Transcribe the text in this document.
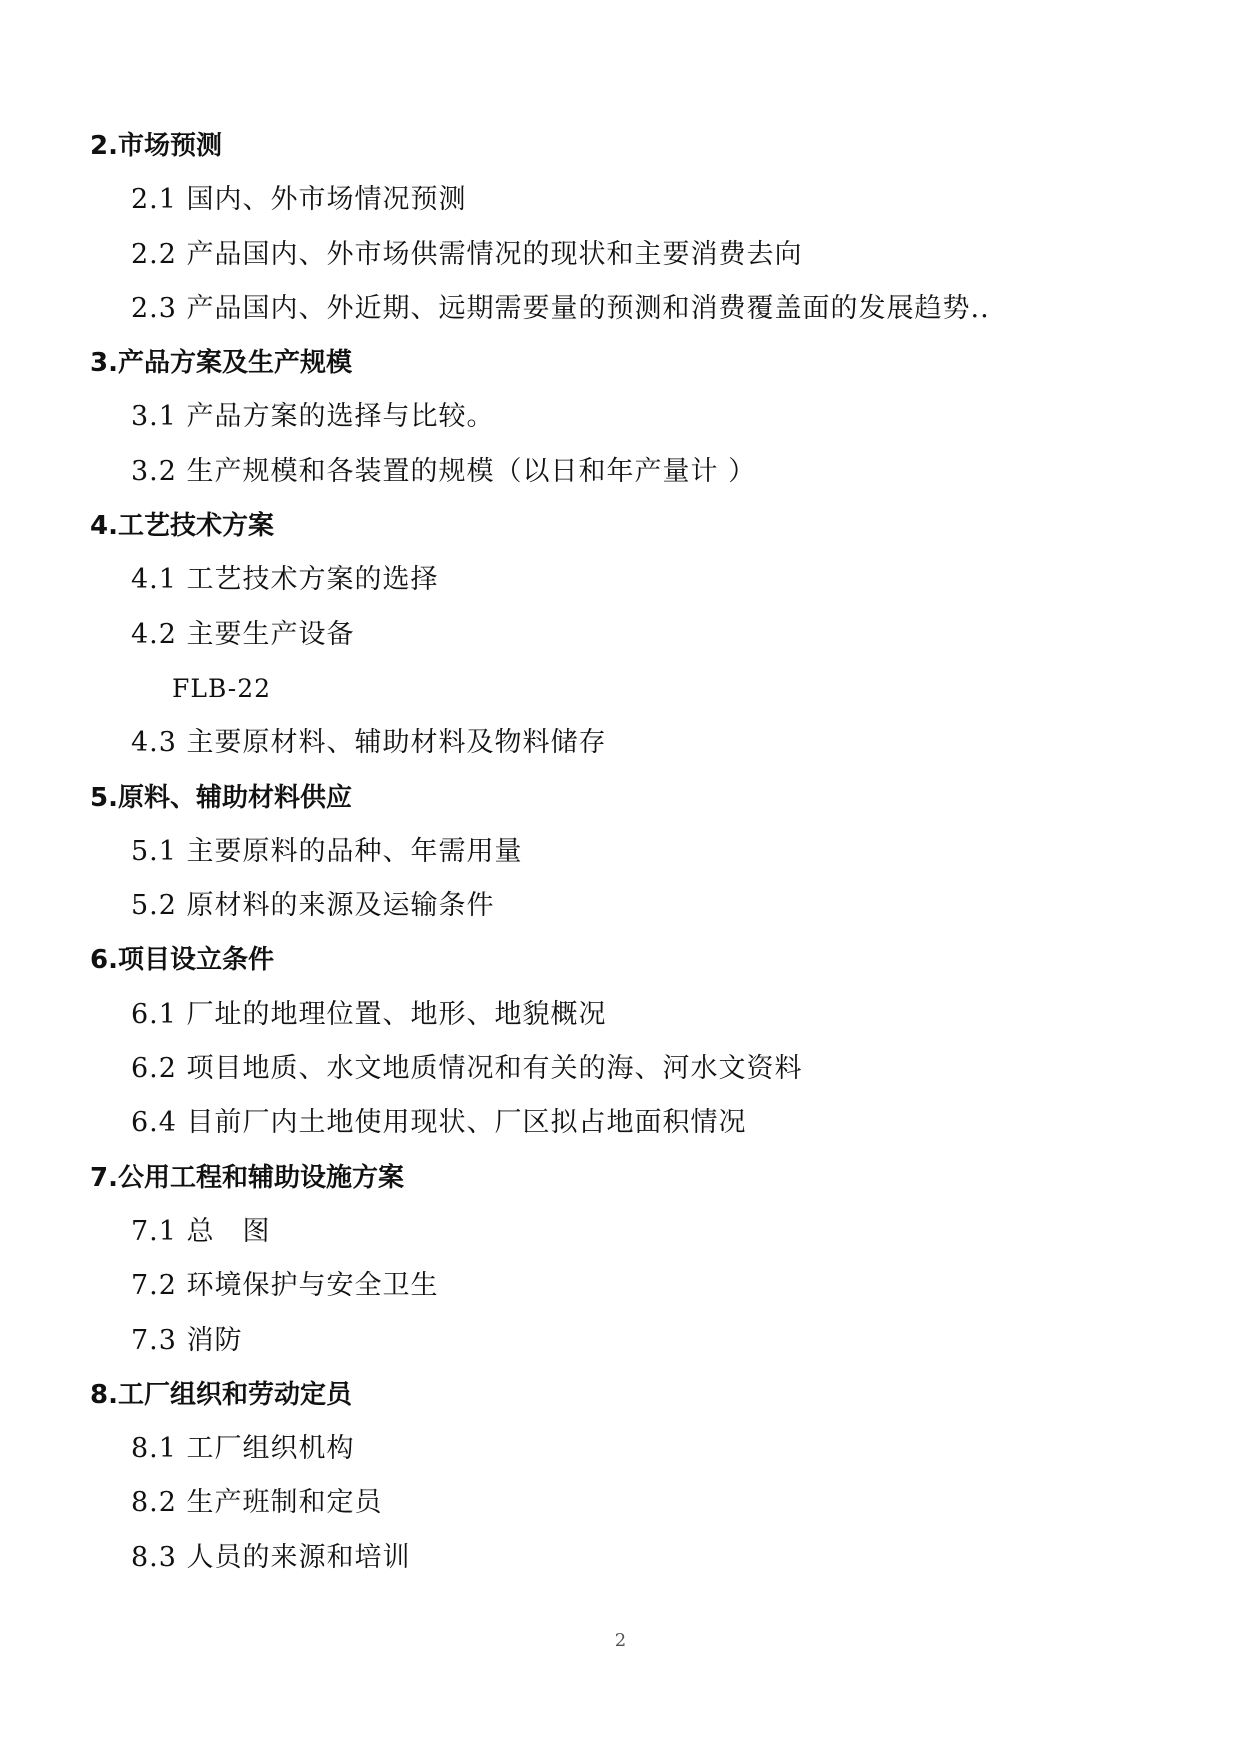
2.市场预测
2.1 国内、外市场情况预测
2.2 产品国内、外市场供需情况的现状和主要消费去向
2.3 产品国内、外近期、远期需要量的预测和消费覆盖面的发展趋势..
3.产品方案及生产规模
3.1 产品方案的选择与比较。
3.2 生产规模和各装置的规模（以日和年产量计 ）
4.工艺技术方案
4.1 工艺技术方案的选择
4.2 主要生产设备
FLB-22
4.3 主要原材料、辅助材料及物料储存
5.原料、辅助材料供应
5.1 主要原料的品种、年需用量
5.2 原材料的来源及运输条件
6.项目设立条件
6.1 厂址的地理位置、地形、地貌概况
6.2 项目地质、水文地质情况和有关的海、河水文资料
6.4 目前厂内土地使用现状、厂区拟占地面积情况
7.公用工程和辅助设施方案
7.1 总　图
7.2 环境保护与安全卫生
7.3 消防
8.工厂组织和劳动定员
8.1 工厂组织机构
8.2 生产班制和定员
8.3 人员的来源和培训
2
